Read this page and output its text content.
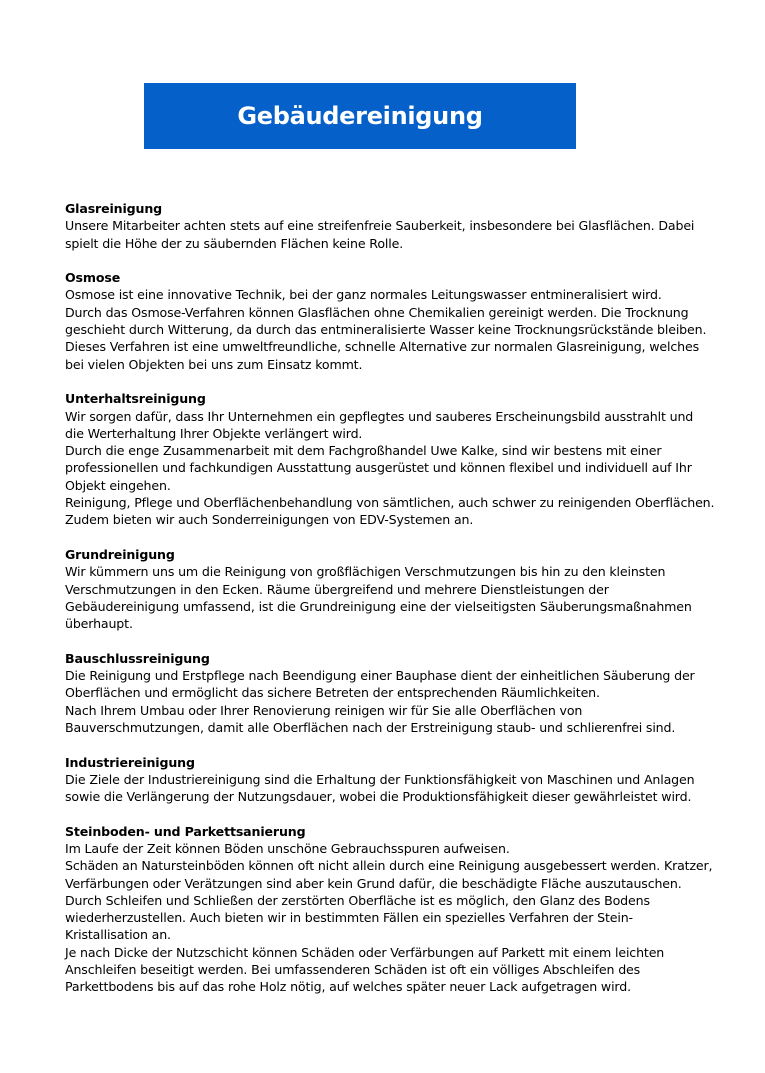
Gebäudereinigung
Glasreinigung
Unsere Mitarbeiter achten stets auf eine streifenfreie Sauberkeit, insbesondere bei Glasflächen. Dabei spielt die Höhe der zu säubernden Flächen keine Rolle.
Osmose
Osmose ist eine innovative Technik, bei der ganz normales Leitungswasser entmineralisiert wird.
Durch das Osmose-Verfahren können Glasflächen ohne Chemikalien gereinigt werden. Die Trocknung geschieht durch Witterung, da durch das entmineralisierte Wasser keine Trocknungsrückstände bleiben.
Dieses Verfahren ist eine umweltfreundliche, schnelle Alternative zur normalen Glasreinigung, welches bei vielen Objekten bei uns zum Einsatz kommt.
Unterhaltsreinigung
Wir sorgen dafür, dass Ihr Unternehmen ein gepflegtes und sauberes Erscheinungsbild ausstrahlt und die Werterhaltung Ihrer Objekte verlängert wird.
Durch die enge Zusammenarbeit mit dem Fachgroßhandel Uwe Kalke, sind wir bestens mit einer professionellen und fachkundigen Ausstattung ausgerüstet und können flexibel und individuell auf Ihr Objekt eingehen.
Reinigung, Pflege und Oberflächenbehandlung von sämtlichen, auch schwer zu reinigenden Oberflächen.
Zudem bieten wir auch Sonderreinigungen von EDV-Systemen an.
Grundreinigung
Wir kümmern uns um die Reinigung von großflächigen Verschmutzungen bis hin zu den kleinsten Verschmutzungen in den Ecken. Räume übergreifend und mehrere Dienstleistungen der Gebäudereinigung umfassend, ist die Grundreinigung eine der vielseitigsten Säuberungsmaßnahmen überhaupt.
Bauschlussreinigung
Die Reinigung und Erstpflege nach Beendigung einer Bauphase dient der einheitlichen Säuberung der Oberflächen und ermöglicht das sichere Betreten der entsprechenden Räumlichkeiten.
Nach Ihrem Umbau oder Ihrer Renovierung reinigen wir für Sie alle Oberflächen von Bauverschmutzungen, damit alle Oberflächen nach der Erstreinigung staub- und schlierenfrei sind.
Industriereinigung
Die Ziele der Industriereinigung sind die Erhaltung der Funktionsfähigkeit von Maschinen und Anlagen sowie die Verlängerung der Nutzungsdauer, wobei die Produktionsfähigkeit dieser gewährleistet wird.
Steinboden- und Parkettsanierung
Im Laufe der Zeit können Böden unschöne Gebrauchsspuren aufweisen.
Schäden an Natursteinböden können oft nicht allein durch eine Reinigung ausgebessert werden. Kratzer, Verfärbungen oder Verätzungen sind aber kein Grund dafür, die beschädigte Fläche auszutauschen.
Durch Schleifen und Schließen der zerstörten Oberfläche ist es möglich, den Glanz des Bodens wiederherzustellen. Auch bieten wir in bestimmten Fällen ein spezielles Verfahren der Stein-Kristallisation an.
Je nach Dicke der Nutzschicht können Schäden oder Verfärbungen auf Parkett mit einem leichten Anschleifen beseitigt werden. Bei umfassenderen Schäden ist oft ein völliges Abschleifen des Parkettbodens bis auf das rohe Holz nötig, auf welches später neuer Lack aufgetragen wird.
